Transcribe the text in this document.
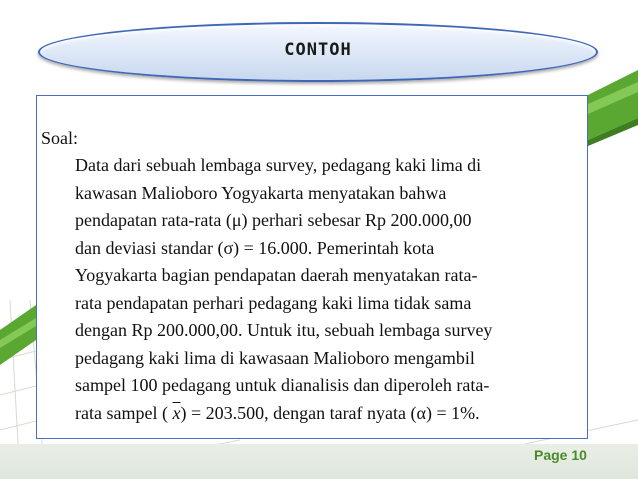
CONTOH
Soal:
Data dari sebuah lembaga survey, pedagang kaki lima di
kawasan Malioboro Yogyakarta menyatakan bahwa
pendapatan rata-rata (μ) perhari sebesar Rp 200.000,00
dan deviasi standar (σ) = 16.000. Pemerintah kota
Yogyakarta bagian pendapatan daerah menyatakan rata-
rata pendapatan perhari pedagang kaki lima tidak sama
dengan Rp 200.000,00. Untuk itu, sebuah lembaga survey
pedagang kaki lima di kawasaan Malioboro mengambil
sampel 100 pedagang untuk dianalisis dan diperoleh rata-
rata sampel ( $\overline{x}) = 203.500$, dengan taraf nyata (α) = 1%.
Page 10
